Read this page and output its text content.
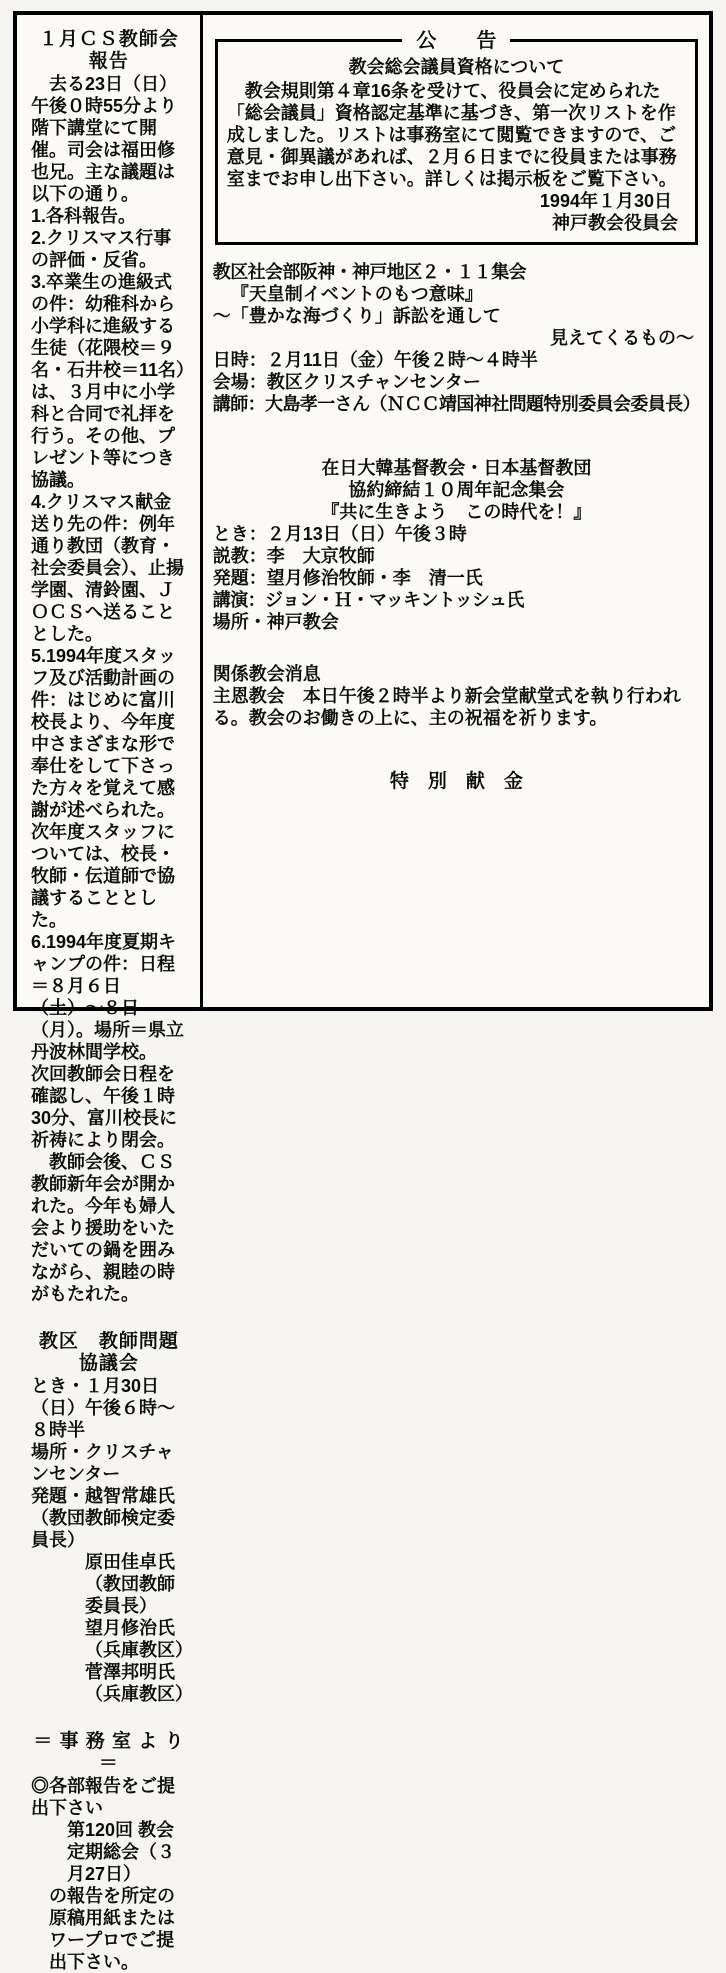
１月ＣＳ教師会報告

去る23日（日）午後０時55分より階下講堂にて開催。司会は福田修也兄。主な議題は以下の通り。

1.各科報告。

2.クリスマス行事の評価・反省。

3.卒業生の進級式の件：幼稚科から小学科に進級する生徒（花隈校＝９名・石井校＝11名）は、３月中に小学科と合同で礼拝を行う。その他、プレゼント等につき協議。

4.クリスマス献金送り先の件：例年通り教団（教育・社会委員会）、止揚学園、清鈴園、ＪＯＣＳへ送ることとした。

5.1994年度スタッフ及び活動計画の件：はじめに富川校長より、今年度中さまざまな形で奉仕をして下さった方々を覚えて感謝が述べられた。次年度スタッフについては、校長・牧師・伝道師で協議することとした。

6.1994年度夏期キャンプの件：日程＝８月６日（土）〜８日（月）。場所＝県立丹波林間学校。

次回教師会日程を確認し、午後１時30分、富川校長に祈祷により閉会。

教師会後、ＣＳ教師新年会が開かれた。今年も婦人会より援助をいただいての鍋を囲みながら、親睦の時がもたれた。

教区　教師問題協議会

とき・１月30日（日）午後６時〜８時半

場所・クリスチャンセンター

発題・越智常雄氏（教団教師検定委員長）

原田佳卓氏（教団教師委員長）

望月修治氏（兵庫教区）

菅澤邦明氏（兵庫教区）

＝ 事 務 室 よ り ＝

◎各部報告をご提出下さい

第120回 教会定期総会（３月27日）

の報告を所定の原稿用紙またはワープロでご提出下さい。

公　　告

教会総会議員資格について

教会規則第４章16条を受けて、役員会に定められた「総会議員」資格認定基準に基づき、第一次リストを作成しました。リストは事務室にて閲覧できますので、ご意見・御異議があれば、２月６日までに役員または事務室までお申し出下さい。詳しくは掲示板をご覧下さい。

1994年１月30日

神戸教会役員会

教区社会部阪神・神戸地区２・１１集会

『天皇制イベントのもつ意味』

〜「豊かな海づくり」訴訟を通して

見えてくるもの〜

日時：２月11日（金）午後２時〜４時半

会場：教区クリスチャンセンター

講師：大島孝一さん（ＮＣＣ靖国神社問題特別委員会委員長）

在日大韓基督教会・日本基督教団

協約締結１０周年記念集会

『共に生きよう　この時代を！』

とき：２月13日（日）午後３時

説教：李　大京牧師

発題：望月修治牧師・李　清一氏

講演：ジョン・Ｈ・マッキントッシュ氏

場所・神戸教会

関係教会消息

主恩教会　本日午後２時半より新会堂献堂式を執り行われる。教会のお働きの上に、主の祝福を祈ります。

特　別　献　金
